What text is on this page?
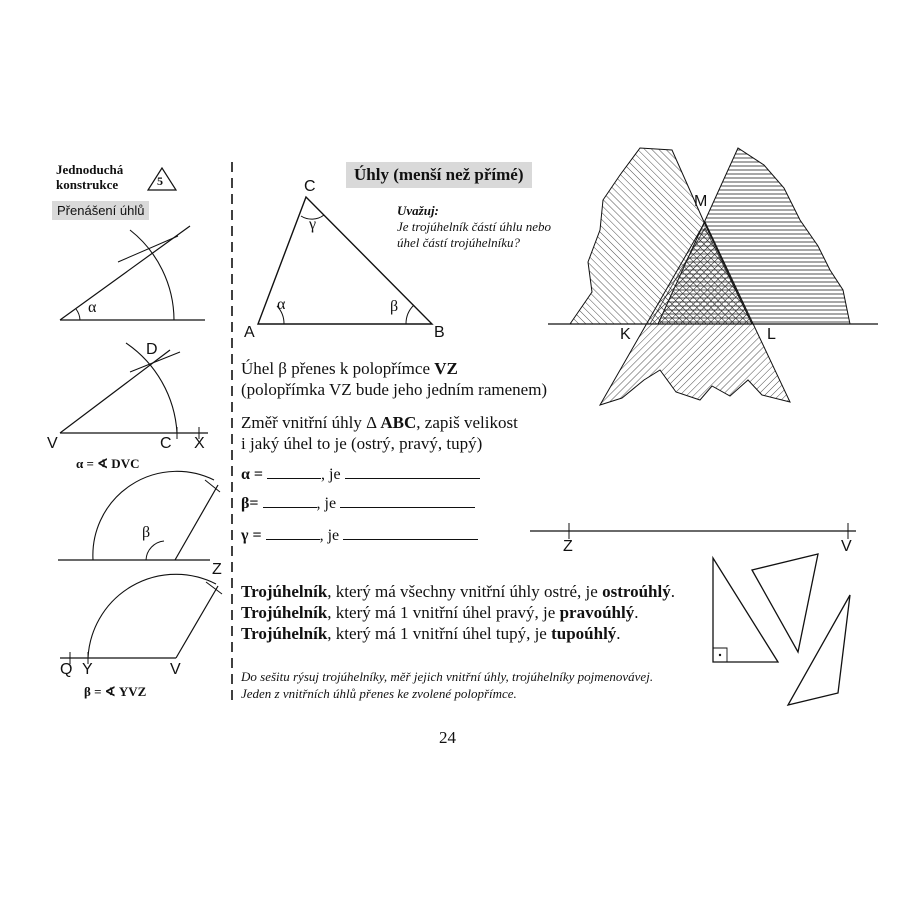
Jednoduchá
konstrukce	5
Přenášení úhlů
α
D
V	C X
α = ∢ DVC
β
Z
Q Y	V
β = ∢ YVZ
Úhly (menší než přímé)
Uvažuj:
Je trojúhelník částí úhlu nebo
úhel částí trojúhelníku?
C
A	B
α	β
γ
Úhel β přenes k polopřímce VZ
(polopřímka VZ bude jeho jedním ramenem)
Změř vnitřní úhly Δ ABC, zapiš velikost
i jaký úhel to je (ostrý, pravý, tupý)
α =	, je
β=	, je
γ =	, je
M
K	L
Z	V
Trojúhelník, který má všechny vnitřní úhly ostré, je ostroúhlý.
Trojúhelník, který má 1 vnitřní úhel pravý, je pravoúhlý.
Trojúhelník, který má 1 vnitřní úhel tupý, je tupoúhlý.
Do sešitu rýsuj trojúhelníky, měř jejich vnitřní úhly, trojúhelníky pojmenovávej.
Jeden z vnitřních úhlů přenes ke zvolené polopřímce.
24
